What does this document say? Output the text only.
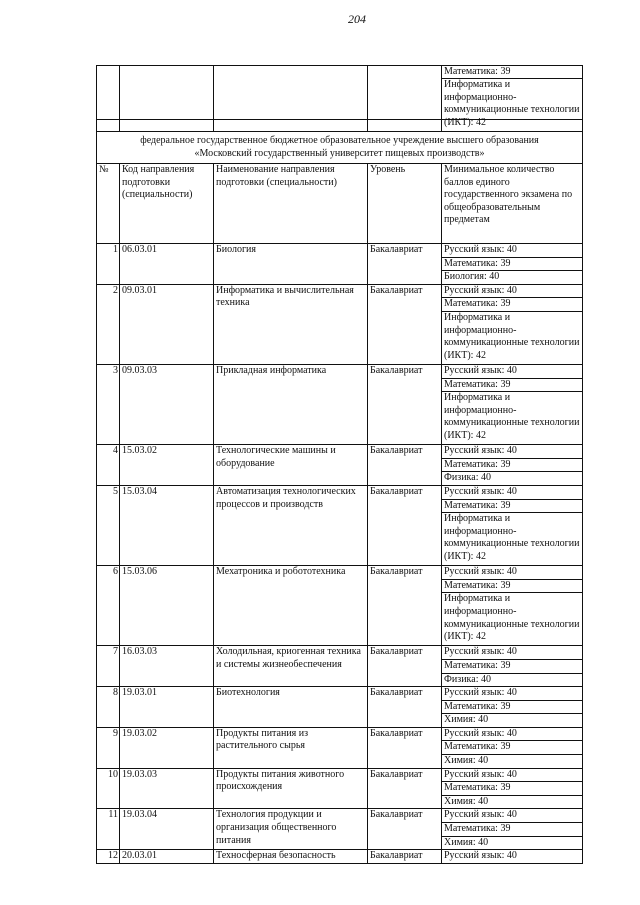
204

				Математика: 39
Информатика и информационно-коммуникационные технологии (ИКТ): 42

федеральное государственное бюджетное образовательное учреждение высшего образования «Московский государственный университет пищевых производств»				
№	Код направления подготовки (специальности)	Наименование направления подготовки (специальности)	Уровень	Минимальное количество баллов единого государственного экзамена по общеобразовательным предметам
1	06.03.01	Биология	Бакалавриат	Русский язык: 40
Математика: 39
Биология: 40

2	09.03.01	Информатика и вычислительная техника	Бакалавриат	Русский язык: 40
Математика: 39
Информатика и информационно-коммуникационные технологии (ИКТ): 42

3	09.03.03	Прикладная информатика	Бакалавриат	Русский язык: 40
Математика: 39
Информатика и информационно-коммуникационные технологии (ИКТ): 42

4	15.03.02	Технологические машины и оборудование	Бакалавриат	Русский язык: 40
Математика: 39
Физика: 40

5	15.03.04	Автоматизация технологических процессов и производств	Бакалавриат	Русский язык: 40
Математика: 39
Информатика и информационно-коммуникационные технологии (ИКТ): 42

6	15.03.06	Мехатроника и робототехника	Бакалавриат	Русский язык: 40
Математика: 39
Информатика и информационно-коммуникационные технологии (ИКТ): 42

7	16.03.03	Холодильная, криогенная техника и системы жизнеобеспечения	Бакалавриат	Русский язык: 40
Математика: 39
Физика: 40

8	19.03.01	Биотехнология	Бакалавриат	Русский язык: 40
Математика: 39
Химия: 40

9	19.03.02	Продукты питания из растительного сырья	Бакалавриат	Русский язык: 40
Математика: 39
Химия: 40

10	19.03.03	Продукты питания животного происхождения	Бакалавриат	Русский язык: 40
Математика: 39
Химия: 40

11	19.03.04	Технология продукции и организация общественного питания	Бакалавриат	Русский язык: 40
Математика: 39
Химия: 40

12	20.03.01	Техносферная безопасность	Бакалавриат	Русский язык: 40
